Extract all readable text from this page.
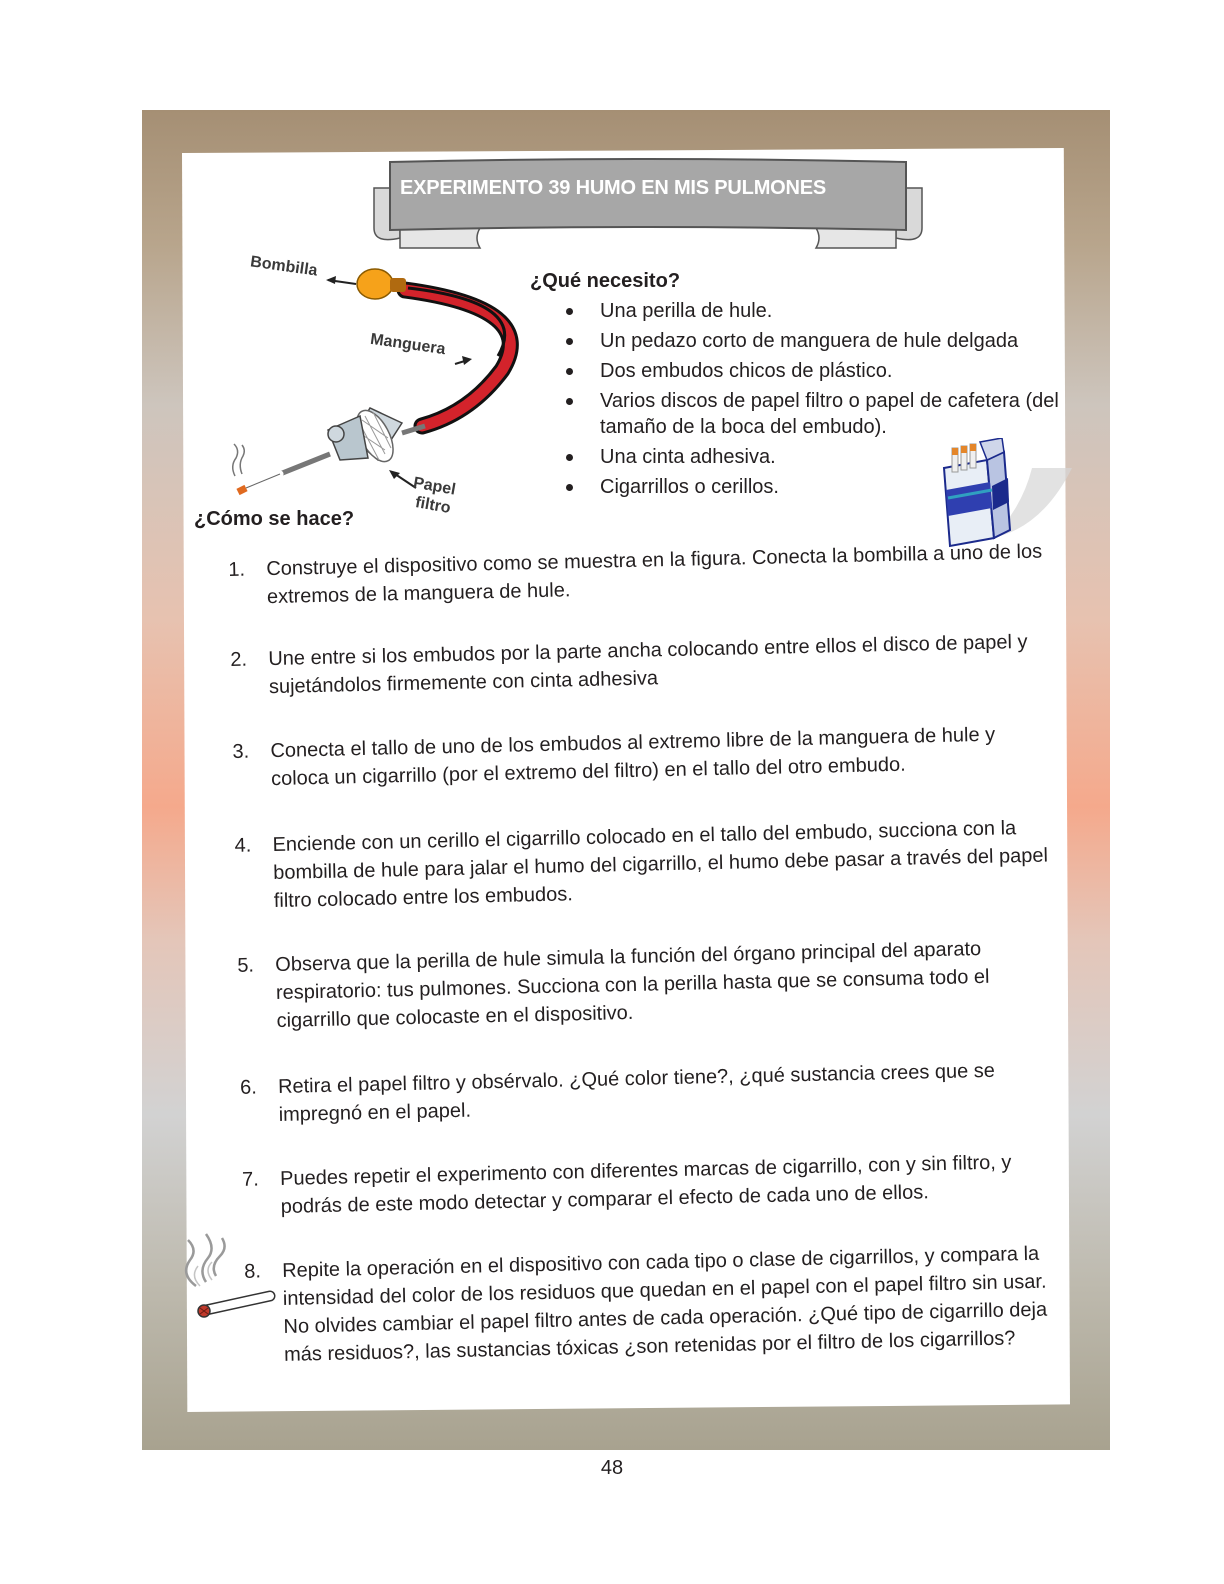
EXPERIMENTO 39 HUMO EN MIS PULMONES
Bombilla
Manguera
Papel
filtro
¿Cómo se hace?
¿Qué necesito?
Una perilla de hule.
Un pedazo corto de manguera de hule delgada
Dos embudos chicos de plástico.
Varios discos de papel filtro o papel de cafetera (del tamaño de la boca del embudo).
Una cinta adhesiva.
Cigarrillos o cerillos.
1.	Construye el dispositivo como se muestra en la figura. Conecta la bombilla a uno de los extremos de la manguera de hule.
2.	Une entre si los embudos por la parte ancha colocando entre ellos el disco de papel y sujetándolos firmemente con cinta adhesiva
3.	Conecta el tallo de uno de los embudos al extremo libre de la manguera de hule y coloca un cigarrillo (por el extremo del filtro) en el tallo del otro embudo.
4.	Enciende con un cerillo el cigarrillo colocado en el tallo del embudo, succiona con la bombilla de hule para jalar el humo del cigarrillo, el humo debe pasar a través del papel filtro colocado entre los embudos.
5.	Observa que la perilla de hule simula la función del órgano principal del aparato respiratorio: tus pulmones. Succiona con la perilla hasta que se consuma todo el cigarrillo que colocaste en el dispositivo.
6.	Retira el papel filtro y obsérvalo. ¿Qué color tiene?, ¿qué sustancia crees que se impregnó en el papel.
7.	Puedes repetir el experimento con diferentes marcas de cigarrillo, con y sin filtro, y podrás de este modo detectar y comparar el efecto de cada uno de ellos.
8.	Repite la operación en el dispositivo con cada tipo o clase de cigarrillos, y compara la intensidad del color de los residuos que quedan en el papel con el papel filtro sin usar. No olvides cambiar el papel filtro antes de cada operación. ¿Qué tipo de cigarrillo deja más residuos?, las sustancias tóxicas ¿son retenidas por el filtro de los cigarrillos?
48
